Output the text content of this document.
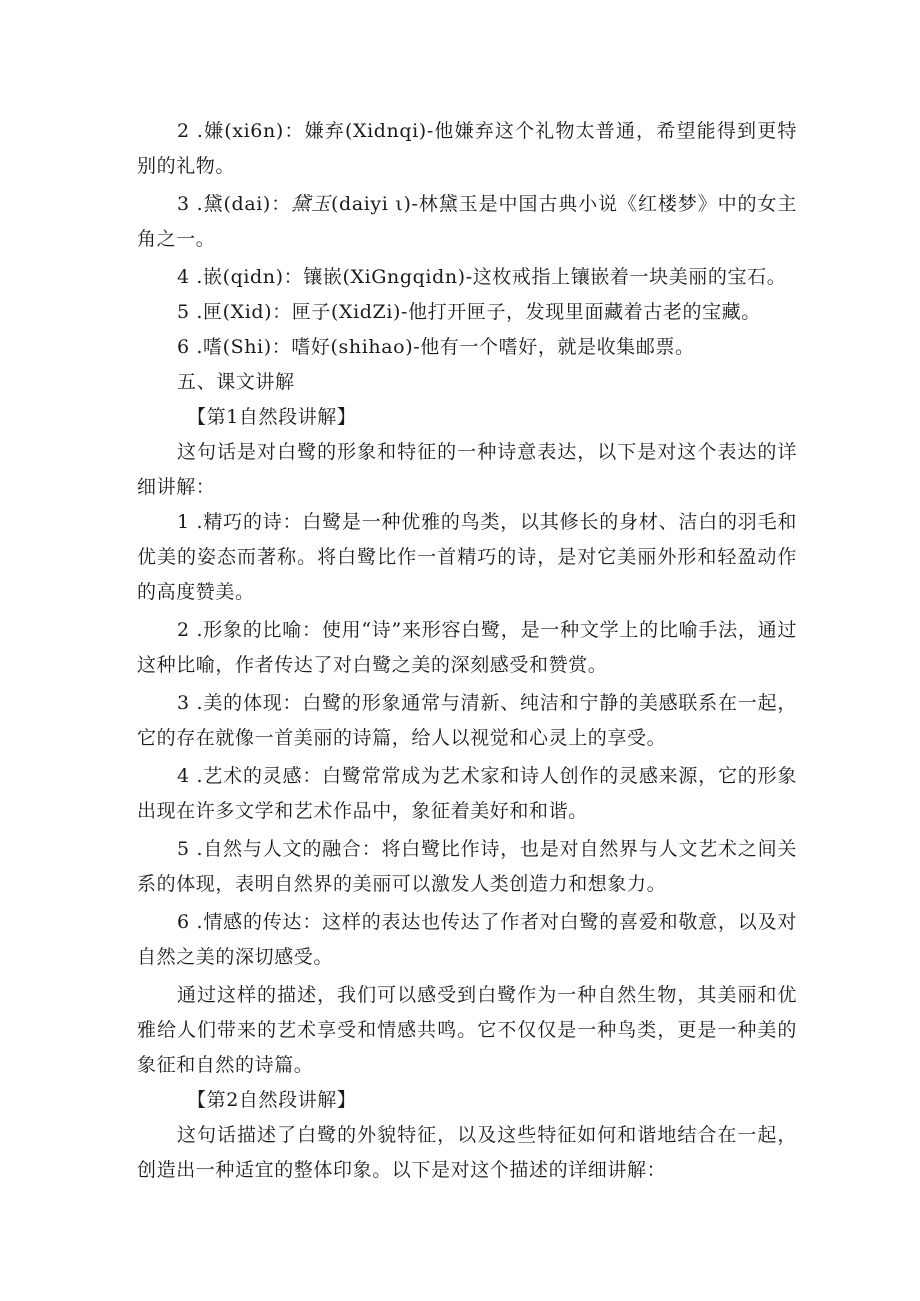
2 .嫌(xi6n)：嫌弃(Xidnqi)-他嫌弃这个礼物太普通，希望能得到更特别的礼物。

3 .黛(dai)：黛玉(daiyi ι)-林黛玉是中国古典小说《红楼梦》中的女主角之一。

4 .嵌(qidn)：镶嵌(XiGngqidn)-这枚戒指上镶嵌着一块美丽的宝石。

5 .匣(Xid)：匣子(XidZi)-他打开匣子，发现里面藏着古老的宝藏。

6 .嗜(Shi)：嗜好(shihao)-他有一个嗜好，就是收集邮票。

五、课文讲解

【第1自然段讲解】

这句话是对白鹭的形象和特征的一种诗意表达，以下是对这个表达的详细讲解：

1 .精巧的诗：白鹭是一种优雅的鸟类，以其修长的身材、洁白的羽毛和优美的姿态而著称。将白鹭比作一首精巧的诗，是对它美丽外形和轻盈动作的高度赞美。

2 .形象的比喻：使用“诗”来形容白鹭，是一种文学上的比喻手法，通过这种比喻，作者传达了对白鹭之美的深刻感受和赞赏。

3 .美的体现：白鹭的形象通常与清新、纯洁和宁静的美感联系在一起，它的存在就像一首美丽的诗篇，给人以视觉和心灵上的享受。

4 .艺术的灵感：白鹭常常成为艺术家和诗人创作的灵感来源，它的形象出现在许多文学和艺术作品中，象征着美好和和谐。

5 .自然与人文的融合：将白鹭比作诗，也是对自然界与人文艺术之间关系的体现，表明自然界的美丽可以激发人类创造力和想象力。

6 .情感的传达：这样的表达也传达了作者对白鹭的喜爱和敬意，以及对自然之美的深切感受。

通过这样的描述，我们可以感受到白鹭作为一种自然生物，其美丽和优雅给人们带来的艺术享受和情感共鸣。它不仅仅是一种鸟类，更是一种美的象征和自然的诗篇。

【第2自然段讲解】

这句话描述了白鹭的外貌特征，以及这些特征如何和谐地结合在一起，创造出一种适宜的整体印象。以下是对这个描述的详细讲解：
